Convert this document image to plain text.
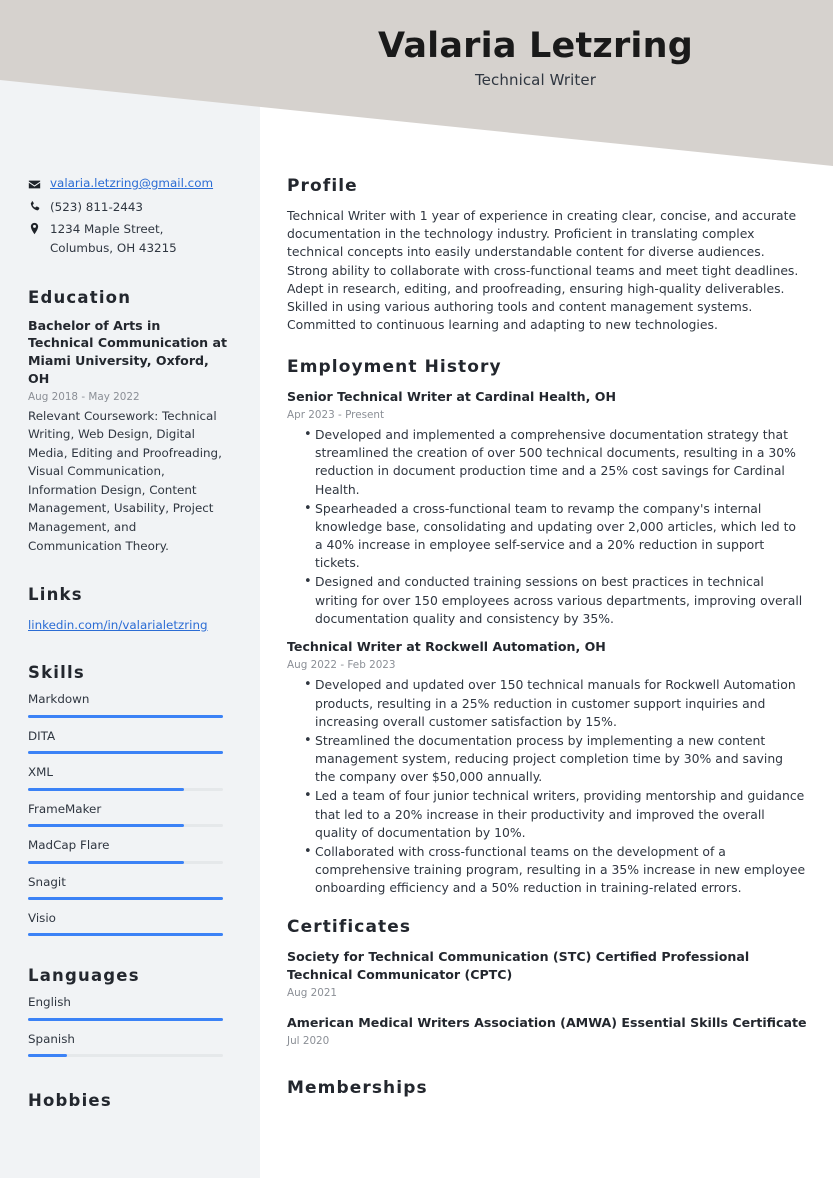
Valaria Letzring
Technical Writer
valaria.letzring@gmail.com
(523) 811-2443
1234 Maple Street,
Columbus, OH 43215
Education
Bachelor of Arts in Technical Communication at Miami University, Oxford, OH
Aug 2018 - May 2022
Relevant Coursework: Technical Writing, Web Design, Digital Media, Editing and Proofreading, Visual Communication, Information Design, Content Management, Usability, Project Management, and Communication Theory.
Links
linkedin.com/in/valarialetzring
Skills
Markdown
DITA
XML
FrameMaker
MadCap Flare
Snagit
Visio
Languages
English
Spanish
Hobbies
Profile
Technical Writer with 1 year of experience in creating clear, concise, and accurate documentation in the technology industry. Proficient in translating complex technical concepts into easily understandable content for diverse audiences. Strong ability to collaborate with cross-functional teams and meet tight deadlines. Adept in research, editing, and proofreading, ensuring high-quality deliverables. Skilled in using various authoring tools and content management systems. Committed to continuous learning and adapting to new technologies.
Employment History
Senior Technical Writer at Cardinal Health, OH
Apr 2023 - Present
• Developed and implemented a comprehensive documentation strategy that streamlined the creation of over 500 technical documents, resulting in a 30% reduction in document production time and a 25% cost savings for Cardinal Health.
• Spearheaded a cross-functional team to revamp the company's internal knowledge base, consolidating and updating over 2,000 articles, which led to a 40% increase in employee self-service and a 20% reduction in support tickets.
• Designed and conducted training sessions on best practices in technical writing for over 150 employees across various departments, improving overall documentation quality and consistency by 35%.
Technical Writer at Rockwell Automation, OH
Aug 2022 - Feb 2023
• Developed and updated over 150 technical manuals for Rockwell Automation products, resulting in a 25% reduction in customer support inquiries and increasing overall customer satisfaction by 15%.
• Streamlined the documentation process by implementing a new content management system, reducing project completion time by 30% and saving the company over $50,000 annually.
• Led a team of four junior technical writers, providing mentorship and guidance that led to a 20% increase in their productivity and improved the overall quality of documentation by 10%.
• Collaborated with cross-functional teams on the development of a comprehensive training program, resulting in a 35% increase in new employee onboarding efficiency and a 50% reduction in training-related errors.
Certificates
Society for Technical Communication (STC) Certified Professional Technical Communicator (CPTC)
Aug 2021
American Medical Writers Association (AMWA) Essential Skills Certificate
Jul 2020
Memberships
